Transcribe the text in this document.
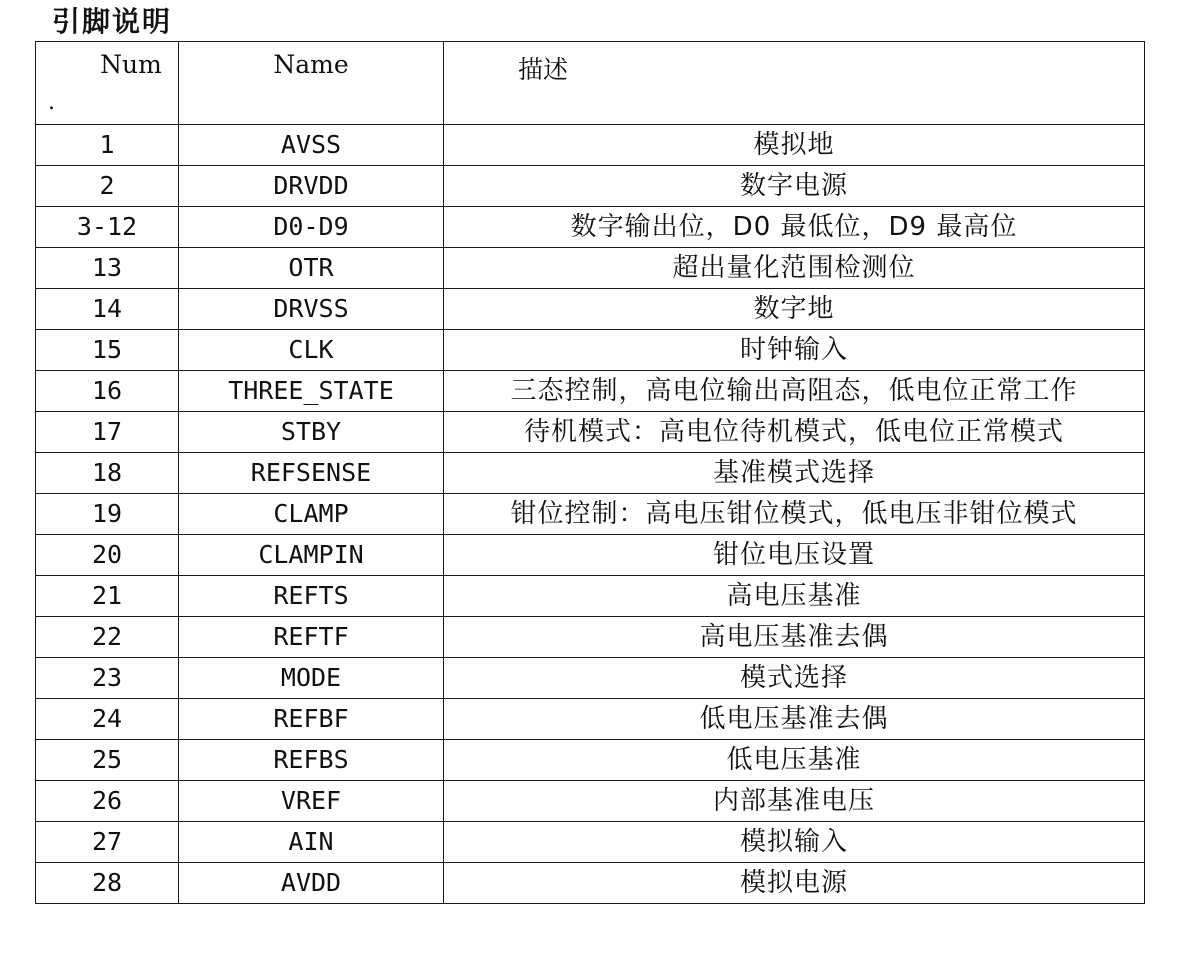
引脚说明
Num
.	Name	描述

1	AVSS	模拟地
2	DRVDD	数字电源
3-12	D0-D9	数字输出位，D0 最低位，D9 最高位
13	OTR	超出量化范围检测位
14	DRVSS	数字地
15	CLK	时钟输入
16	THREE_STATE	三态控制，高电位输出高阻态，低电位正常工作
17	STBY	待机模式：高电位待机模式，低电位正常模式
18	REFSENSE	基准模式选择
19	CLAMP	钳位控制：高电压钳位模式，低电压非钳位模式
20	CLAMPIN	钳位电压设置
21	REFTS	高电压基准
22	REFTF	高电压基准去偶
23	MODE	模式选择
24	REFBF	低电压基准去偶
25	REFBS	低电压基准
26	VREF	内部基准电压
27	AIN	模拟输入
28	AVDD	模拟电源
